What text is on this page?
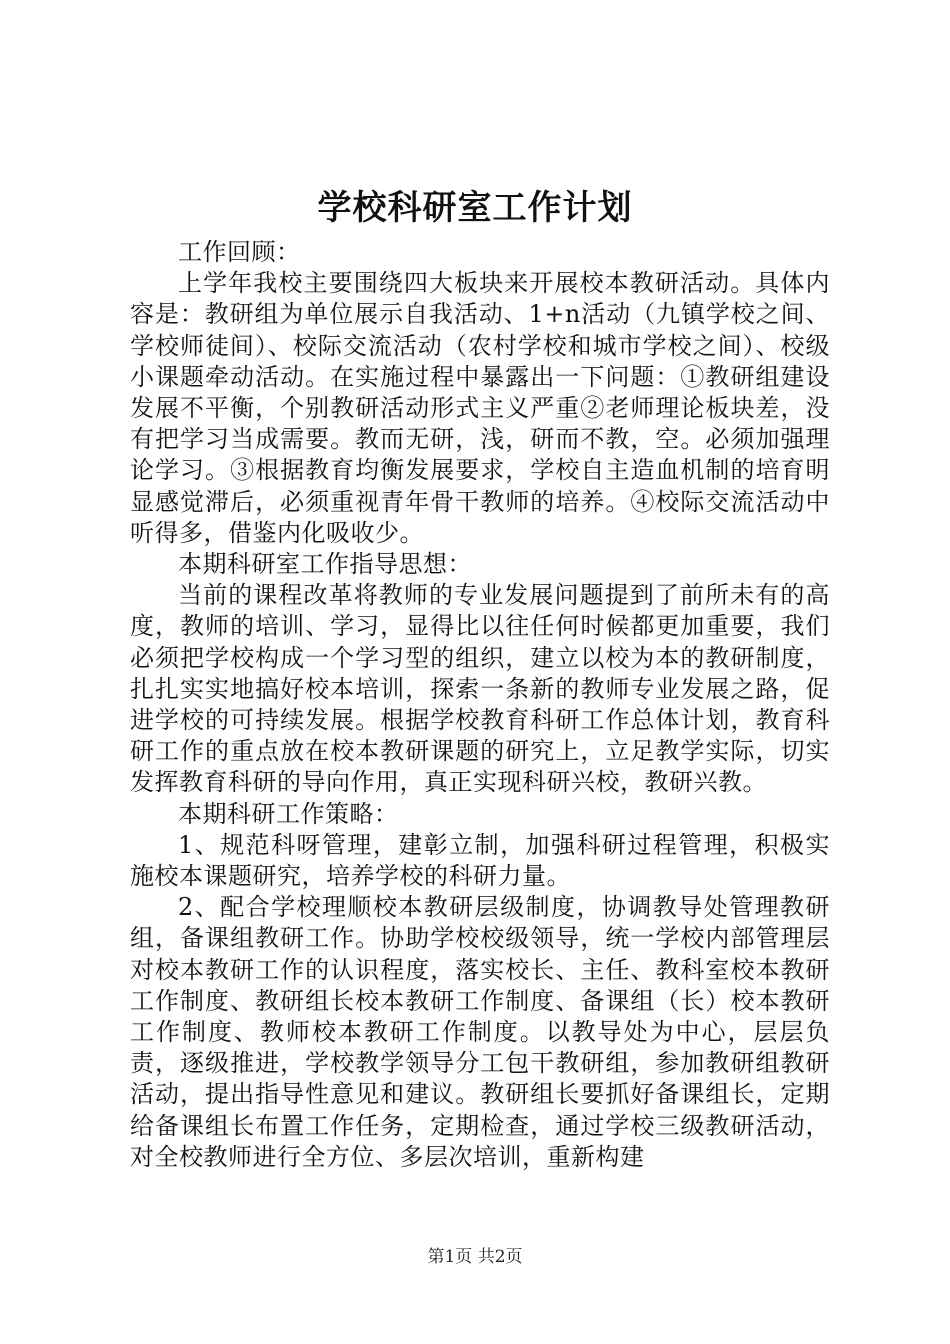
学校科研室工作计划

工作回顾：

上学年我校主要围绕四大板块来开展校本教研活动。具体内容是：教研组为单位展示自我活动、1+n活动（九镇学校之间、学校师徒间）、校际交流活动（农村学校和城市学校之间）、校级小课题牵动活动。在实施过程中暴露出一下问题：①教研组建设发展不平衡，个别教研活动形式主义严重②老师理论板块差，没有把学习当成需要。教而无研，浅，研而不教，空。必须加强理论学习。③根据教育均衡发展要求，学校自主造血机制的培育明显感觉滞后，必须重视青年骨干教师的培养。④校际交流活动中听得多，借鉴内化吸收少。

本期科研室工作指导思想：

当前的课程改革将教师的专业发展问题提到了前所未有的高度，教师的培训、学习，显得比以往任何时候都更加重要，我们必须把学校构成一个学习型的组织，建立以校为本的教研制度，扎扎实实地搞好校本培训，探索一条新的教师专业发展之路，促进学校的可持续发展。根据学校教育科研工作总体计划，教育科研工作的重点放在校本教研课题的研究上，立足教学实际，切实发挥教育科研的导向作用，真正实现科研兴校，教研兴教。

本期科研工作策略：

1、规范科呀管理，建彰立制，加强科研过程管理，积极实施校本课题研究，培养学校的科研力量。

2、配合学校理顺校本教研层级制度，协调教导处管理教研组，备课组教研工作。协助学校校级领导，统一学校内部管理层对校本教研工作的认识程度，落实校长、主任、教科室校本教研工作制度、教研组长校本教研工作制度、备课组（长）校本教研工作制度、教师校本教研工作制度。以教导处为中心，层层负责，逐级推进，学校教学领导分工包干教研组，参加教研组教研活动，提出指导性意见和建议。教研组长要抓好备课组长，定期给备课组长布置工作任务，定期检查，通过学校三级教研活动，对全校教师进行全方位、多层次培训，重新构建

第1页 共2页
